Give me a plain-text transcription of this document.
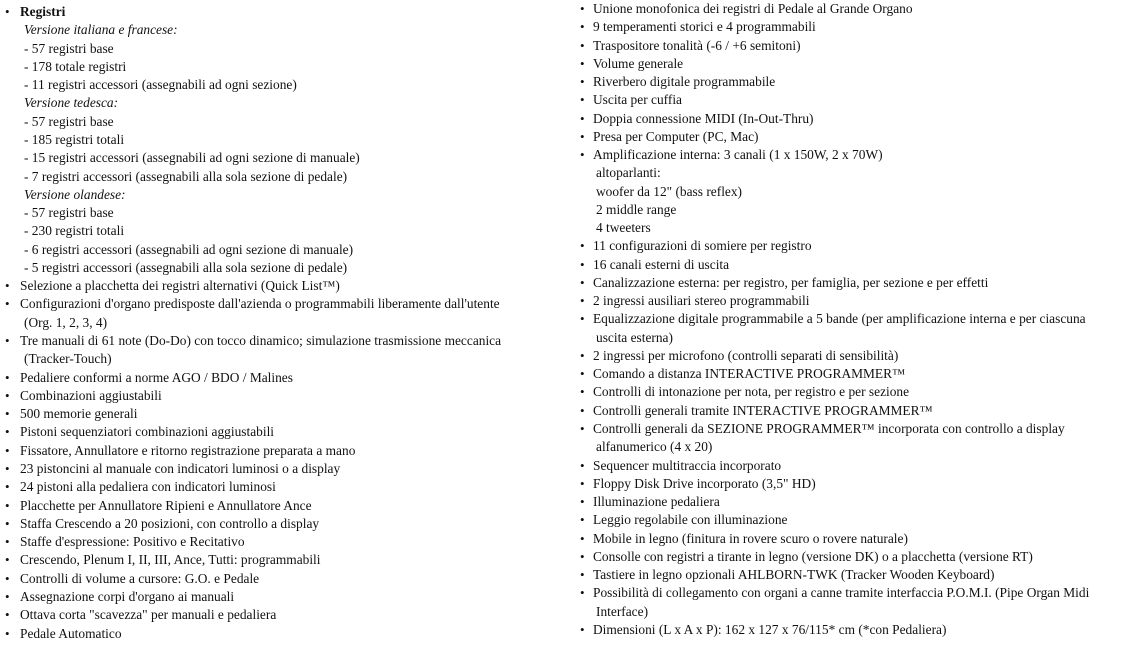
• Registri
Versione italiana e francese:
- 57 registri base
- 178 totale registri
- 11 registri accessori (assegnabili ad ogni sezione)
Versione tedesca:
- 57 registri base
- 185 registri totali
- 15 registri accessori (assegnabili ad ogni sezione di manuale)
- 7 registri accessori (assegnabili alla sola sezione di pedale)
Versione olandese:
- 57 registri base
- 230 registri totali
- 6 registri accessori (assegnabili ad ogni sezione di manuale)
- 5 registri accessori (assegnabili alla sola sezione di pedale)
• Selezione a placchetta dei registri alternativi (Quick List™)
• Configurazioni d'organo predisposte dall'azienda o programmabili liberamente dall'utente
(Org. 1, 2, 3, 4)
• Tre manuali di 61 note (Do-Do) con tocco dinamico; simulazione trasmissione meccanica
(Tracker-Touch)
• Pedaliere conformi a norme AGO / BDO / Malines
• Combinazioni aggiustabili
• 500 memorie generali
• Pistoni sequenziatori combinazioni aggiustabili
• Fissatore, Annullatore e ritorno registrazione preparata a mano
• 23 pistoncini al manuale con indicatori luminosi o a display
• 24 pistoni alla pedaliera con indicatori luminosi
• Placchette per Annullatore Ripieni e Annullatore Ance
• Staffa Crescendo a 20 posizioni, con controllo a display
• Staffe d'espressione: Positivo e Recitativo
• Crescendo, Plenum I, II, III, Ance, Tutti: programmabili
• Controlli di volume a cursore: G.O. e Pedale
• Assegnazione corpi d'organo ai manuali
• Ottava corta "scavezza" per manuali e pedaliera
• Pedale Automatico
• Unione monofonica dei registri di Pedale al Grande Organo
• 9 temperamenti storici e 4 programmabili
• Traspositore tonalità (-6 / +6 semitoni)
• Volume generale
• Riverbero digitale programmabile
• Uscita per cuffia
• Doppia connessione MIDI (In-Out-Thru)
• Presa per Computer (PC, Mac)
• Amplificazione interna: 3 canali (1 x 150W, 2 x 70W)
altoparlanti:
woofer da 12" (bass reflex)
2 middle range
4 tweeters
• 11 configurazioni di somiere per registro
• 16 canali esterni di uscita
• Canalizzazione esterna: per registro, per famiglia, per sezione e per effetti
• 2 ingressi ausiliari stereo programmabili
• Equalizzazione digitale programmabile a 5 bande (per amplificazione interna e per ciascuna
uscita esterna)
• 2 ingressi per microfono (controlli separati di sensibilità)
• Comando a distanza INTERACTIVE PROGRAMMER™
• Controlli di intonazione per nota, per registro e per sezione
• Controlli generali tramite INTERACTIVE PROGRAMMER™
• Controlli generali da SEZIONE PROGRAMMER™ incorporata con controllo a display
alfanumerico (4 x 20)
• Sequencer multitraccia incorporato
• Floppy Disk Drive incorporato (3,5" HD)
• Illuminazione pedaliera
• Leggio regolabile con illuminazione
• Mobile in legno (finitura in rovere scuro o rovere naturale)
• Consolle con registri a tirante in legno (versione DK) o a placchetta (versione RT)
• Tastiere in legno opzionali AHLBORN-TWK (Tracker Wooden Keyboard)
• Possibilità di collegamento con organi a canne tramite interfaccia P.O.M.I. (Pipe Organ Midi
Interface)
• Dimensioni (L x A x P): 162 x 127 x 76/115* cm (*con Pedaliera)
